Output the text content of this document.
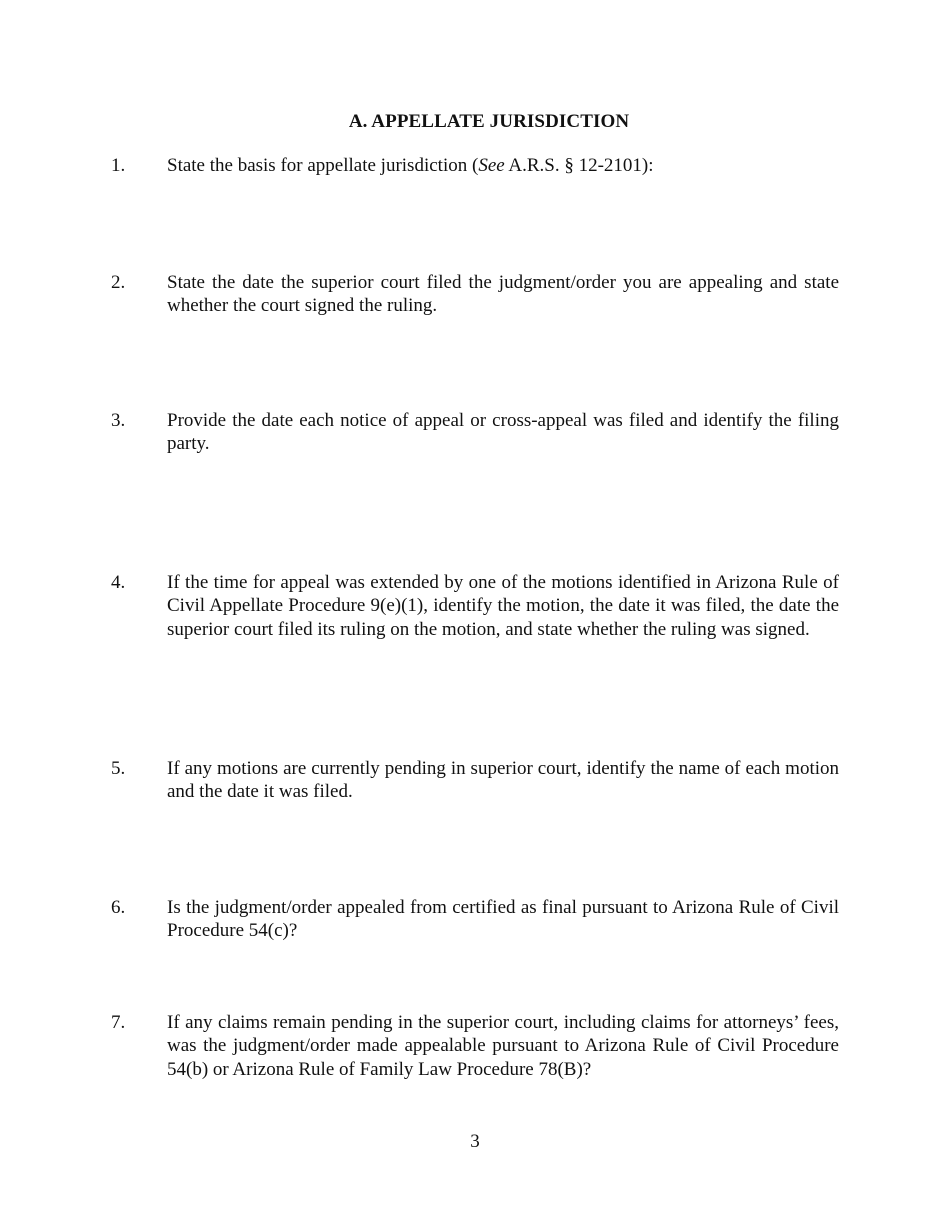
A. APPELLATE JURISDICTION
1.	State the basis for appellate jurisdiction (See A.R.S. § 12-2101):
2.	State the date the superior court filed the judgment/order you are appealing and state whether the court signed the ruling.
3.	Provide the date each notice of appeal or cross-appeal was filed and identify the filing party.
4.	If the time for appeal was extended by one of the motions identified in Arizona Rule of Civil Appellate Procedure 9(e)(1), identify the motion, the date it was filed, the date the superior court filed its ruling on the motion, and state whether the ruling was signed.
5.	If any motions are currently pending in superior court, identify the name of each motion and the date it was filed.
6.	Is the judgment/order appealed from certified as final pursuant to Arizona Rule of Civil Procedure 54(c)?
7.	If any claims remain pending in the superior court, including claims for attorneys’ fees, was the judgment/order made appealable pursuant to Arizona Rule of Civil Procedure 54(b) or Arizona Rule of Family Law Procedure 78(B)?
3
